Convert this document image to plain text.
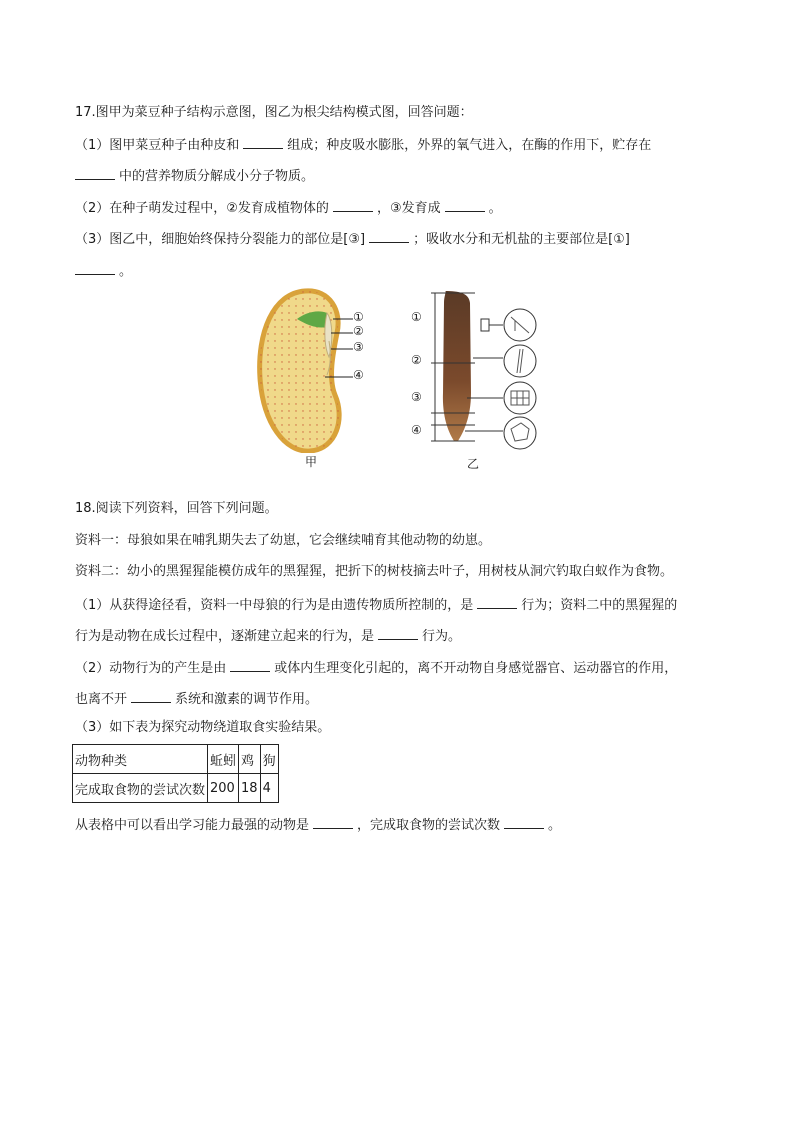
17.图甲为菜豆种子结构示意图，图乙为根尖结构模式图，回答问题：
（1）图甲菜豆种子由种皮和	组成；种皮吸水膨胀，外界的氧气进入，在酶的作用下，贮存在
中的营养物质分解成小分子物质。
（2）在种子萌发过程中，②发育成植物体的	，③发育成	。
（3）图乙中，细胞始终保持分裂能力的部位是[③]	；吸收水分和无机盐的主要部位是[①]
。
①
②
③
④
①
②
③
④
甲	乙
18.阅读下列资料，回答下列问题。
资料一：母狼如果在哺乳期失去了幼崽，它会继续哺育其他动物的幼崽。
资料二：幼小的黑猩猩能模仿成年的黑猩猩，把折下的树枝摘去叶子，用树枝从洞穴钓取白蚁作为食物。
（1）从获得途径看，资料一中母狼的行为是由遗传物质所控制的，是	行为；资料二中的黑猩猩的
行为是动物在成长过程中，逐渐建立起来的行为，是	行为。
（2）动物行为的产生是由	或体内生理变化引起的，离不开动物自身感觉器官、运动器官的作用，
也离不开	系统和激素的调节作用。
（3）如下表为探究动物绕道取食实验结果。
动物种类	蚯蚓	鸡	狗
完成取食物的尝试次数	200	18	4
从表格中可以看出学习能力最强的动物是	，完成取食物的尝试次数	。
